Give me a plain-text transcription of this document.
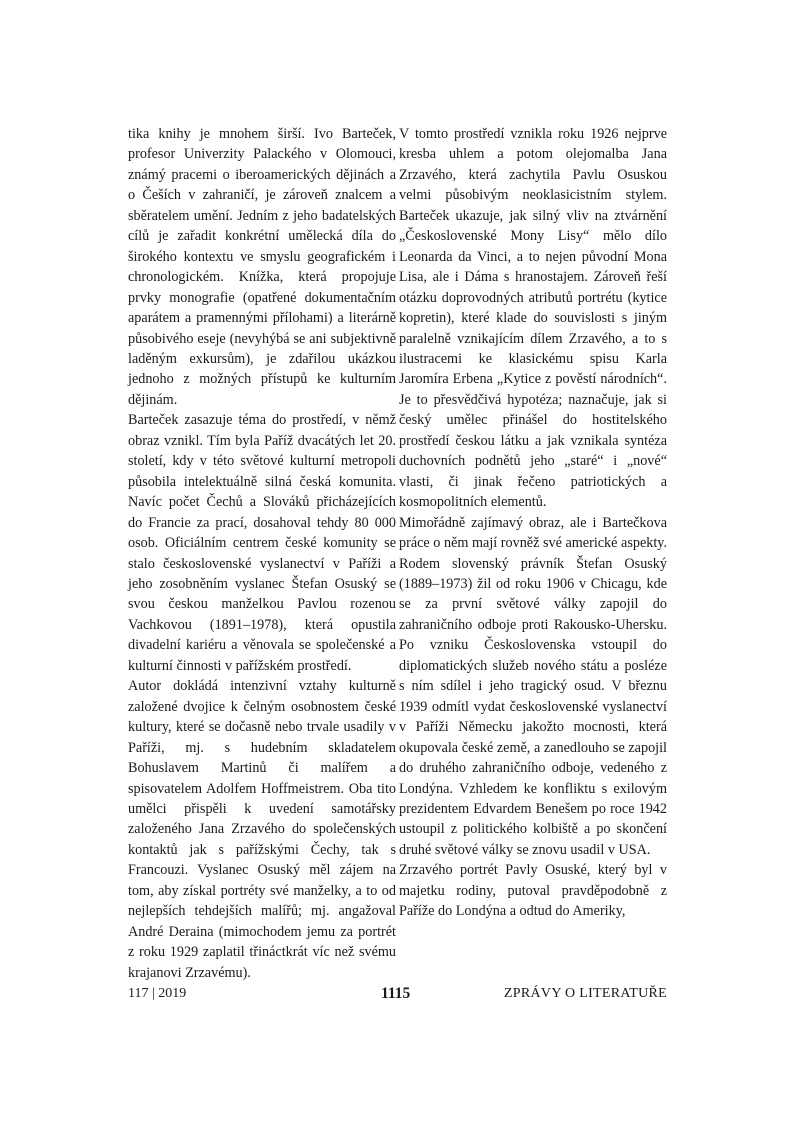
tika knihy je mnohem širší. Ivo Barteček, profesor Univerzity Palackého v Olomouci, známý pracemi o iberoamerických dějinách a o Češích v zahraničí, je zároveň znalcem a sběratelem umění. Jedním z jeho badatelských cílů je zařadit konkrétní umělecká díla do širokého kontextu ve smyslu geografickém i chronologickém. Knížka, která propojuje prvky monografie (opatřené dokumentačním aparátem a pramennými přílohami) a literárně působivého eseje (nevyhýbá se ani subjektivně laděným exkursům), je zdařilou ukázkou jednoho z možných přístupů ke kulturním dějinám.

Barteček zasazuje téma do prostředí, v němž obraz vznikl. Tím byla Paříž dvacátých let 20. století, kdy v této světové kulturní metropoli působila intelektuálně silná česká komunita. Navíc počet Čechů a Slováků přicházejících do Francie za prací, dosahoval tehdy 80 000 osob. Oficiálním centrem české komunity se stalo československé vyslanectví v Paříži a jeho zosobněním vyslanec Štefan Osuský se svou českou manželkou Pavlou rozenou Vachkovou (1891–1978), která opustila divadelní kariéru a věnovala se společenské a kulturní činnosti v pařížském prostředí.

Autor dokládá intenzivní vztahy kulturně založené dvojice k čelným osobnostem české kultury, které se dočasně nebo trvale usadily v Paříži, mj. s hudebním skladatelem Bohuslavem Martinů či malířem a spisovatelem Adolfem Hoffmeistrem. Oba tito umělci přispěli k uvedení samotářsky založeného Jana Zrzavého do společenských kontaktů jak s pařížskými Čechy, tak s Francouzi. Vyslanec Osuský měl zájem na tom, aby získal portréty své manželky, a to od nejlepších tehdejších malířů; mj. angažoval André Deraina (mimochodem jemu za portrét z roku 1929 zaplatil třináctkrát víc než svému krajanovi Zrzavému).

V tomto prostředí vznikla roku 1926 nejprve kresba uhlem a potom olejomalba Jana Zrzavého, která zachytila Pavlu Osuskou velmi působivým neoklasicistním stylem. Barteček ukazuje, jak silný vliv na ztvárnění „Československé Mony Lisy“ mělo dílo Leonarda da Vinci, a to nejen původní Mona Lisa, ale i Dáma s hranostajem. Zároveň řeší otázku doprovodných atributů portrétu (kytice kopretin), které klade do souvislosti s jiným paralelně vznikajícím dílem Zrzavého, a to s ilustracemi ke klasickému spisu Karla Jaromíra Erbena „Kytice z pověstí národních“. Je to přesvědčivá hypotéza; naznačuje, jak si český umělec přinášel do hostitelského prostředí českou látku a jak vznikala syntéza duchovních podnětů jeho „staré“ i „nové“ vlasti, či jinak řečeno patriotických a kosmopolitních elementů.

Mimořádně zajímavý obraz, ale i Bartečkova práce o něm mají rovněž své americké aspekty. Rodem slovenský právník Štefan Osuský (1889–1973) žil od roku 1906 v Chicagu, kde se za první světové války zapojil do zahraničního odboje proti Rakousko-Uhersku. Po vzniku Československa vstoupil do diplomatických služeb nového státu a posléze s ním sdílel i jeho tragický osud. V březnu 1939 odmítl vydat československé vyslanectví v Paříži Německu jakožto mocnosti, která okupovala české země, a zanedlouho se zapojil do druhého zahraničního odboje, vedeného z Londýna. Vzhledem ke konfliktu s exilovým prezidentem Edvardem Benešem po roce 1942 ustoupil z politického kolbiště a po skončení druhé světové války se znovu usadil v USA.

Zrzavého portrét Pavly Osuské, který byl v majetku rodiny, putoval pravděpodobně z Paříže do Londýna a odtud do Ameriky,

117 | 2019	1115	ZPRÁVY O LITERATUŘE
